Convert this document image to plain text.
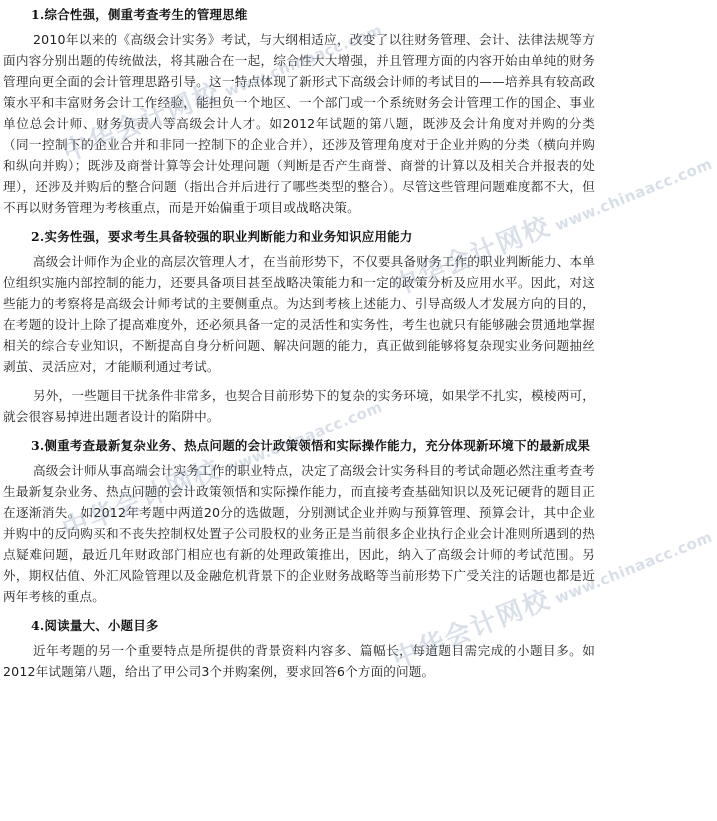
1.综合性强，侧重考查考生的管理思维

2010年以来的《高级会计实务》考试，与大纲相适应，改变了以往财务管理、会计、法律法规等方面内容分别出题的传统做法，将其融合在一起，综合性大大增强，并且管理方面的内容开始由单纯的财务管理向更全面的会计管理思路引导。这一特点体现了新形式下高级会计师的考试目的——培养具有较高政策水平和丰富财务会计工作经验，能担负一个地区、一个部门或一个系统财务会计管理工作的国企、事业单位总会计师、财务负责人等高级会计人才。如2012年试题的第八题，既涉及会计角度对并购的分类（同一控制下的企业合并和非同一控制下的企业合并），还涉及管理角度对于企业并购的分类（横向并购和纵向并购）；既涉及商誉计算等会计处理问题（判断是否产生商誉、商誉的计算以及相关合并报表的处理），还涉及并购后的整合问题（指出合并后进行了哪些类型的整合）。尽管这些管理问题难度都不大，但不再以财务管理为考核重点，而是开始偏重于项目或战略决策。

2.实务性强，要求考生具备较强的职业判断能力和业务知识应用能力

高级会计师作为企业的高层次管理人才，在当前形势下，不仅要具备财务工作的职业判断能力、本单位组织实施内部控制的能力，还要具备项目甚至战略决策能力和一定的政策分析及应用水平。因此，对这些能力的考察将是高级会计师考试的主要侧重点。为达到考核上述能力、引导高级人才发展方向的目的，在考题的设计上除了提高难度外，还必须具备一定的灵活性和实务性，考生也就只有能够融会贯通地掌握相关的综合专业知识，不断提高自身分析问题、解决问题的能力，真正做到能够将复杂现实业务问题抽丝剥茧、灵活应对，才能顺利通过考试。

另外，一些题目干扰条件非常多，也契合目前形势下的复杂的实务环境，如果学不扎实，模棱两可，就会很容易掉进出题者设计的陷阱中。

3.侧重考查最新复杂业务、热点问题的会计政策领悟和实际操作能力，充分体现新环境下的最新成果

高级会计师从事高端会计实务工作的职业特点，决定了高级会计实务科目的考试命题必然注重考查考生最新复杂业务、热点问题的会计政策领悟和实际操作能力，而直接考查基础知识以及死记硬背的题目正在逐渐消失。如2012年考题中两道20分的选做题，分别测试企业并购与预算管理、预算会计，其中企业并购中的反向购买和不丧失控制权处置子公司股权的业务正是当前很多企业执行企业会计准则所遇到的热点疑难问题，最近几年财政部门相应也有新的处理政策推出，因此，纳入了高级会计师的考试范围。另外，期权估值、外汇风险管理以及金融危机背景下的企业财务战略等当前形势下广受关注的话题也都是近两年考核的重点。

4.阅读量大、小题目多

近年考题的另一个重要特点是所提供的背景资料内容多、篇幅长，每道题目需完成的小题目多。如2012年试题第八题，给出了甲公司3个并购案例，要求回答6个方面的问题。

中华会计网校 www.chinaacc.com
中华会计网校 www.chinaacc.com
中华会计网校 www.chinaacc.com
中华会计网校 www.chinaacc.com
